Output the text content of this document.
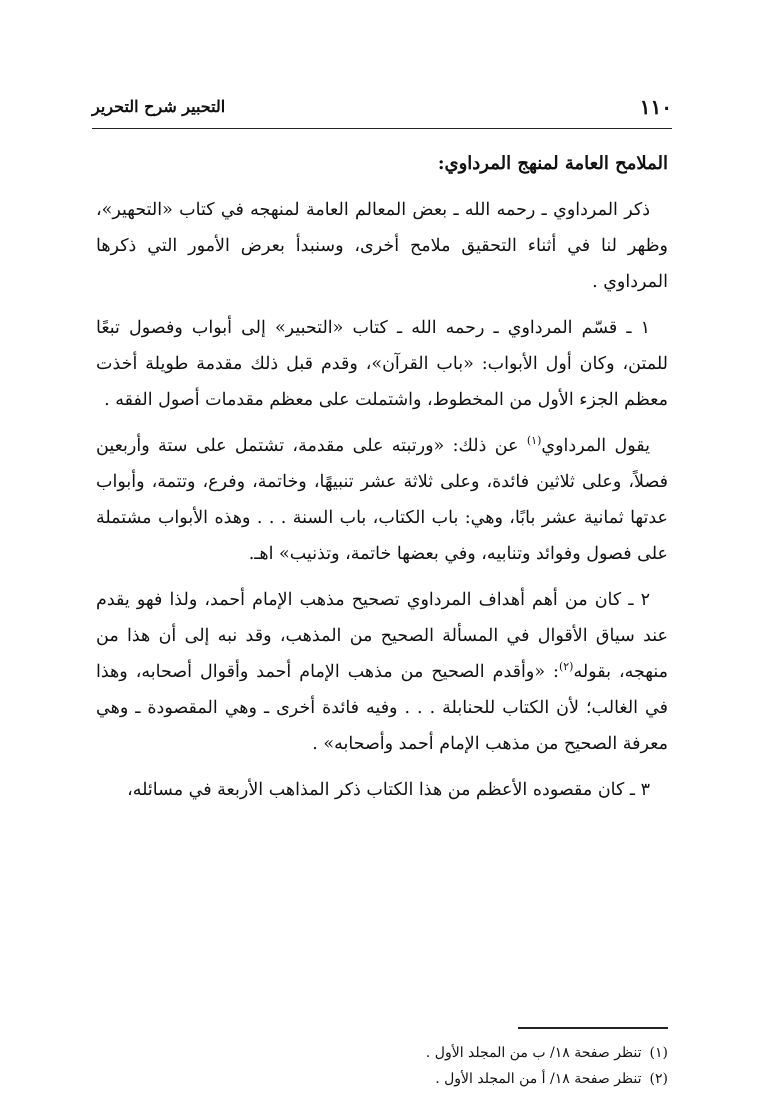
١١٠
التحبير شرح التحرير

الملامح العامة لمنهج المرداوي:

ذكر المرداوي ـ رحمه الله ـ بعض المعالم العامة لمنهجه في كتاب «التحهير»، وظهر لنا في أثناء التحقيق ملامح أخرى، وسنبدأ بعرض الأمور التي ذكرها المرداوي .

١ ـ قسّم المرداوي ـ رحمه الله ـ كتاب «التحبير» إلى أبواب وفصول تبعًا للمتن، وكان أول الأبواب: «باب القرآن»، وقدم قبل ذلك مقدمة طويلة أخذت معظم الجزء الأول من المخطوط، واشتملت على معظم مقدمات أصول الفقه .

يقول المرداوي$^{(١)}$ عن ذلك: «ورتبته على مقدمة، تشتمل على ستة وأربعين فصلاً، وعلى ثلاثين فائدة، وعلى ثلاثة عشر تنبيهًا، وخاتمة، وفرع، وتتمة، وأبواب عدتها ثمانية عشر بابًا، وهي: باب الكتاب، باب السنة . . . وهذه الأبواب مشتملة على فصول وفوائد وتنابيه، وفي بعضها خاتمة، وتذنيب» اهـ.

٢ ـ كان من أهم أهداف المرداوي تصحيح مذهب الإمام أحمد، ولذا فهو يقدم عند سياق الأقوال في المسألة الصحيح من المذهب، وقد نبه إلى أن هذا من منهجه، بقوله$^{(٢)}$: «وأقدم الصحيح من مذهب الإمام أحمد وأقوال أصحابه، وهذا في الغالب؛ لأن الكتاب للحنابلة . . . وفيه فائدة أخرى ـ وهي المقصودة ـ وهي معرفة الصحيح من مذهب الإمام أحمد وأصحابه» .

٣ ـ كان مقصوده الأعظم من هذا الكتاب ذكر المذاهب الأربعة في مسائله،

(١)تنظر صفحة ١٨/ ب من المجلد الأول .
(٢)تنظر صفحة ١٨/ أ من المجلد الأول .
